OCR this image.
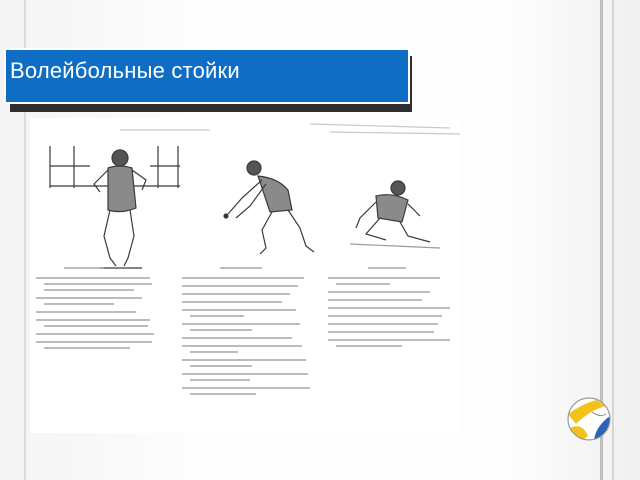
Волейбольные стойки
